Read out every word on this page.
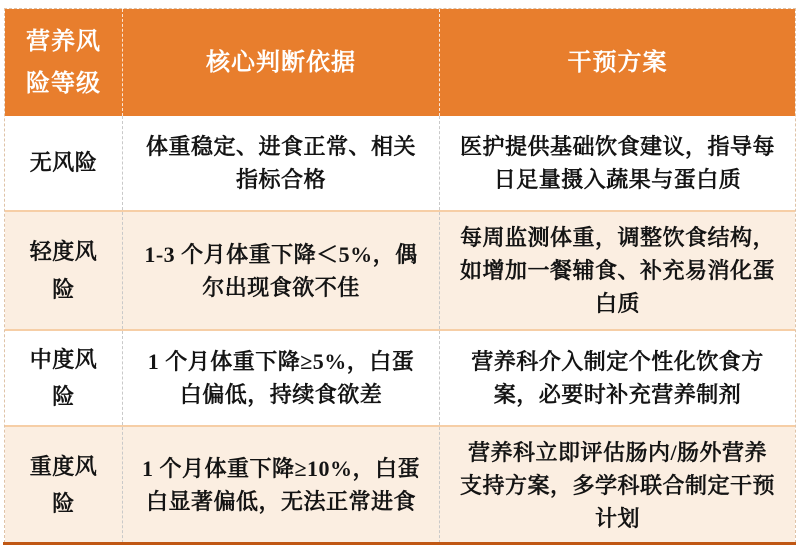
营养风险等级
核心判断依据	干预方案
无风险
体重稳定、进食正常、相关指标合格
医护提供基础饮食建议，指导每日足量摄入蔬果与蛋白质
轻度风险
1-3 个月体重下降＜5%，偶尔出现食欲不佳
每周监测体重，调整饮食结构，如增加一餐辅食、补充易消化蛋白质
中度风险
1 个月体重下降≥5%，白蛋白偏低，持续食欲差
营养科介入制定个性化饮食方案，必要时补充营养制剂
重度风险
1 个月体重下降≥10%，白蛋白显著偏低，无法正常进食
营养科立即评估肠内/肠外营养支持方案，多学科联合制定干预计划
